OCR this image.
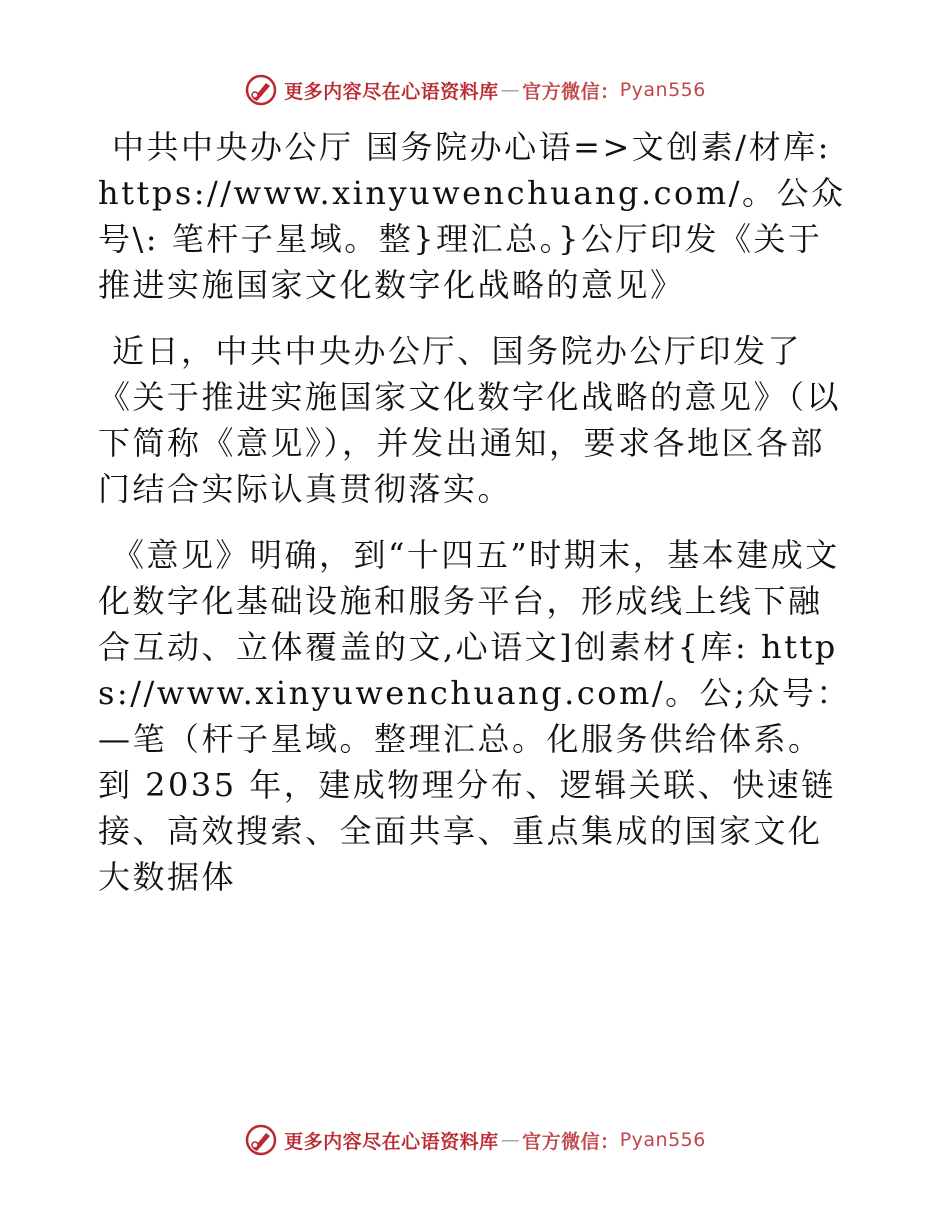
更多内容尽在心语资料库 — 官方微信： Pyan556

中共中央办公厅 国务院办心语=>文创素/材库: https://www.xinyuwenchuang.com/。公众号\: 笔杆子星域。整}理汇总。}公厅印发《关于推进实施国家文化数字化战略的意见》

近日，中共中央办公厅、国务院办公厅印发了《关于推进实施国家文化数字化战略的意见》（以下简称《意见》），并发出通知，要求各地区各部门结合实际认真贯彻落实。

《意见》明确，到“十四五”时期末，基本建成文化数字化基础设施和服务平台，形成线上线下融合互动、立体覆盖的文,心语文]创素材{库: https://www.xinyuwenchuang.com/。公;众号：—笔（杆子星域。整理汇总。化服务供给体系。到 2035 年，建成物理分布、逻辑关联、快速链接、高效搜索、全面共享、重点集成的国家文化大数据体

更多内容尽在心语资料库 — 官方微信： Pyan556
